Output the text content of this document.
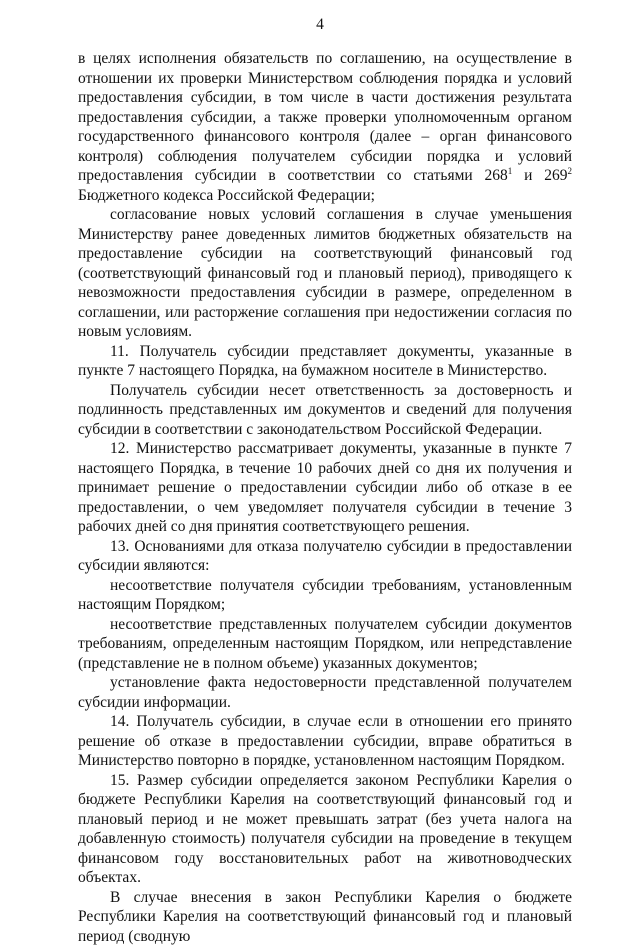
4

в целях исполнения обязательств по соглашению, на осуществление в отношении их проверки Министерством соблюдения порядка и условий предоставления субсидии, в том числе в части достижения результата предоставления субсидии, а также проверки уполномоченным органом государственного финансового контроля (далее – орган финансового контроля) соблюдения получателем субсидии порядка и условий предоставления субсидии в соответствии со статьями $268^1$ и $269^2$ Бюджетного кодекса Российской Федерации;

согласование новых условий соглашения в случае уменьшения Министерству ранее доведенных лимитов бюджетных обязательств на предоставление субсидии на соответствующий финансовый год (соответствующий финансовый год и плановый период), приводящего к невозможности предоставления субсидии в размере, определенном в соглашении, или расторжение соглашения при недостижении согласия по новым условиям.

11. Получатель субсидии представляет документы, указанные в пункте 7 настоящего Порядка, на бумажном носителе в Министерство.

Получатель субсидии несет ответственность за достоверность и подлинность представленных им документов и сведений для получения субсидии в соответствии с законодательством Российской Федерации.

12. Министерство рассматривает документы, указанные в пункте 7 настоящего Порядка, в течение 10 рабочих дней со дня их получения и принимает решение о предоставлении субсидии либо об отказе в ее предоставлении, о чем уведомляет получателя субсидии в течение 3 рабочих дней со дня принятия соответствующего решения.

13. Основаниями для отказа получателю субсидии в предоставлении субсидии являются:

несоответствие получателя субсидии требованиям, установленным настоящим Порядком;

несоответствие представленных получателем субсидии документов требованиям, определенным настоящим Порядком, или непредставление (представление не в полном объеме) указанных документов;

установление факта недостоверности представленной получателем субсидии информации.

14. Получатель субсидии, в случае если в отношении его принято решение об отказе в предоставлении субсидии, вправе обратиться в Министерство повторно в порядке, установленном настоящим Порядком.

15. Размер субсидии определяется законом Республики Карелия о бюджете Республики Карелия на соответствующий финансовый год и плановый период и не может превышать затрат (без учета налога на добавленную стоимость) получателя субсидии на проведение в текущем финансовом году восстановительных работ на животноводческих объектах.

В случае внесения в закон Республики Карелия о бюджете Республики Карелия на соответствующий финансовый год и плановый период (сводную
